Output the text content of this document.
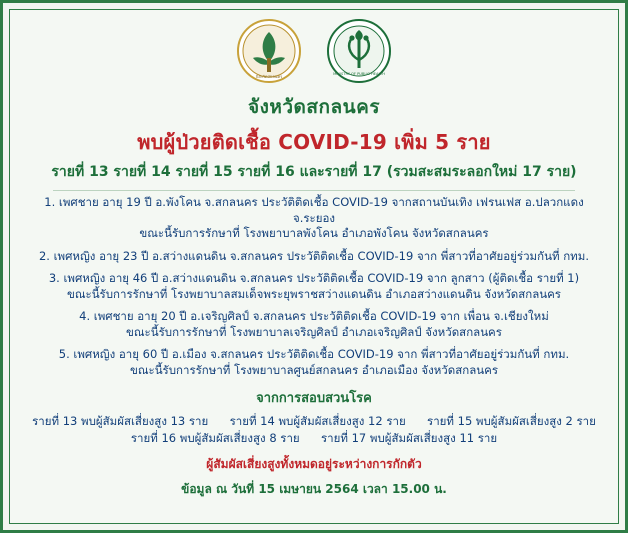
จังหวัดสกลนคร	MINISTRY OF PUBLIC HEALTH
จังหวัดสกลนคร
พบผู้ป่วยติดเชื้อ COVID-19 เพิ่ม 5 ราย
รายที่ 13 รายที่ 14 รายที่ 15 รายที่ 16 และรายที่ 17 (รวมสะสมระลอกใหม่ 17 ราย)
1. เพศชาย อายุ 19 ปี อ.พังโคน จ.สกลนคร ประวัติติดเชื้อ COVID-19 จากสถานบันเทิง เฟรนเฟส อ.ปลวกแดง จ.ระยอง
ขณะนี้รับการรักษาที่ โรงพยาบาลพังโคน อำเภอพังโคน จังหวัดสกลนคร
2. เพศหญิง อายุ 23 ปี อ.สว่างแดนดิน จ.สกลนคร ประวัติติดเชื้อ COVID-19 จาก พี่สาวที่อาศัยอยู่ร่วมกันที่ กทม.
3. เพศหญิง อายุ 46 ปี อ.สว่างแดนดิน จ.สกลนคร ประวัติติดเชื้อ COVID-19 จาก ลูกสาว (ผู้ติดเชื้อ รายที่ 1)
ขณะนี้รับการรักษาที่ โรงพยาบาลสมเด็จพระยุพราชสว่างแดนดิน อำเภอสว่างแดนดิน จังหวัดสกลนคร
4. เพศชาย อายุ 20 ปี อ.เจริญศิลป์ จ.สกลนคร ประวัติติดเชื้อ COVID-19 จาก เพื่อน จ.เชียงใหม่
ขณะนี้รับการรักษาที่ โรงพยาบาลเจริญศิลป์ อำเภอเจริญศิลป์ จังหวัดสกลนคร
5. เพศหญิง อายุ 60 ปี อ.เมือง จ.สกลนคร ประวัติติดเชื้อ COVID-19 จาก พี่สาวที่อาศัยอยู่ร่วมกันที่ กทม.
ขณะนี้รับการรักษาที่ โรงพยาบาลศูนย์สกลนคร อำเภอเมือง จังหวัดสกลนคร
จากการสอบสวนโรค
รายที่ 13 พบผู้สัมผัสเสี่ยงสูง 13 ราย รายที่ 14 พบผู้สัมผัสเสี่ยงสูง 12 ราย รายที่ 15 พบผู้สัมผัสเสี่ยงสูง 2 ราย
รายที่ 16 พบผู้สัมผัสเสี่ยงสูง 8 ราย รายที่ 17 พบผู้สัมผัสเสี่ยงสูง 11 ราย
ผู้สัมผัสเสี่ยงสูงทั้งหมดอยู่ระหว่างการกักตัว
ข้อมูล ณ วันที่ 15 เมษายน 2564 เวลา 15.00 น.
